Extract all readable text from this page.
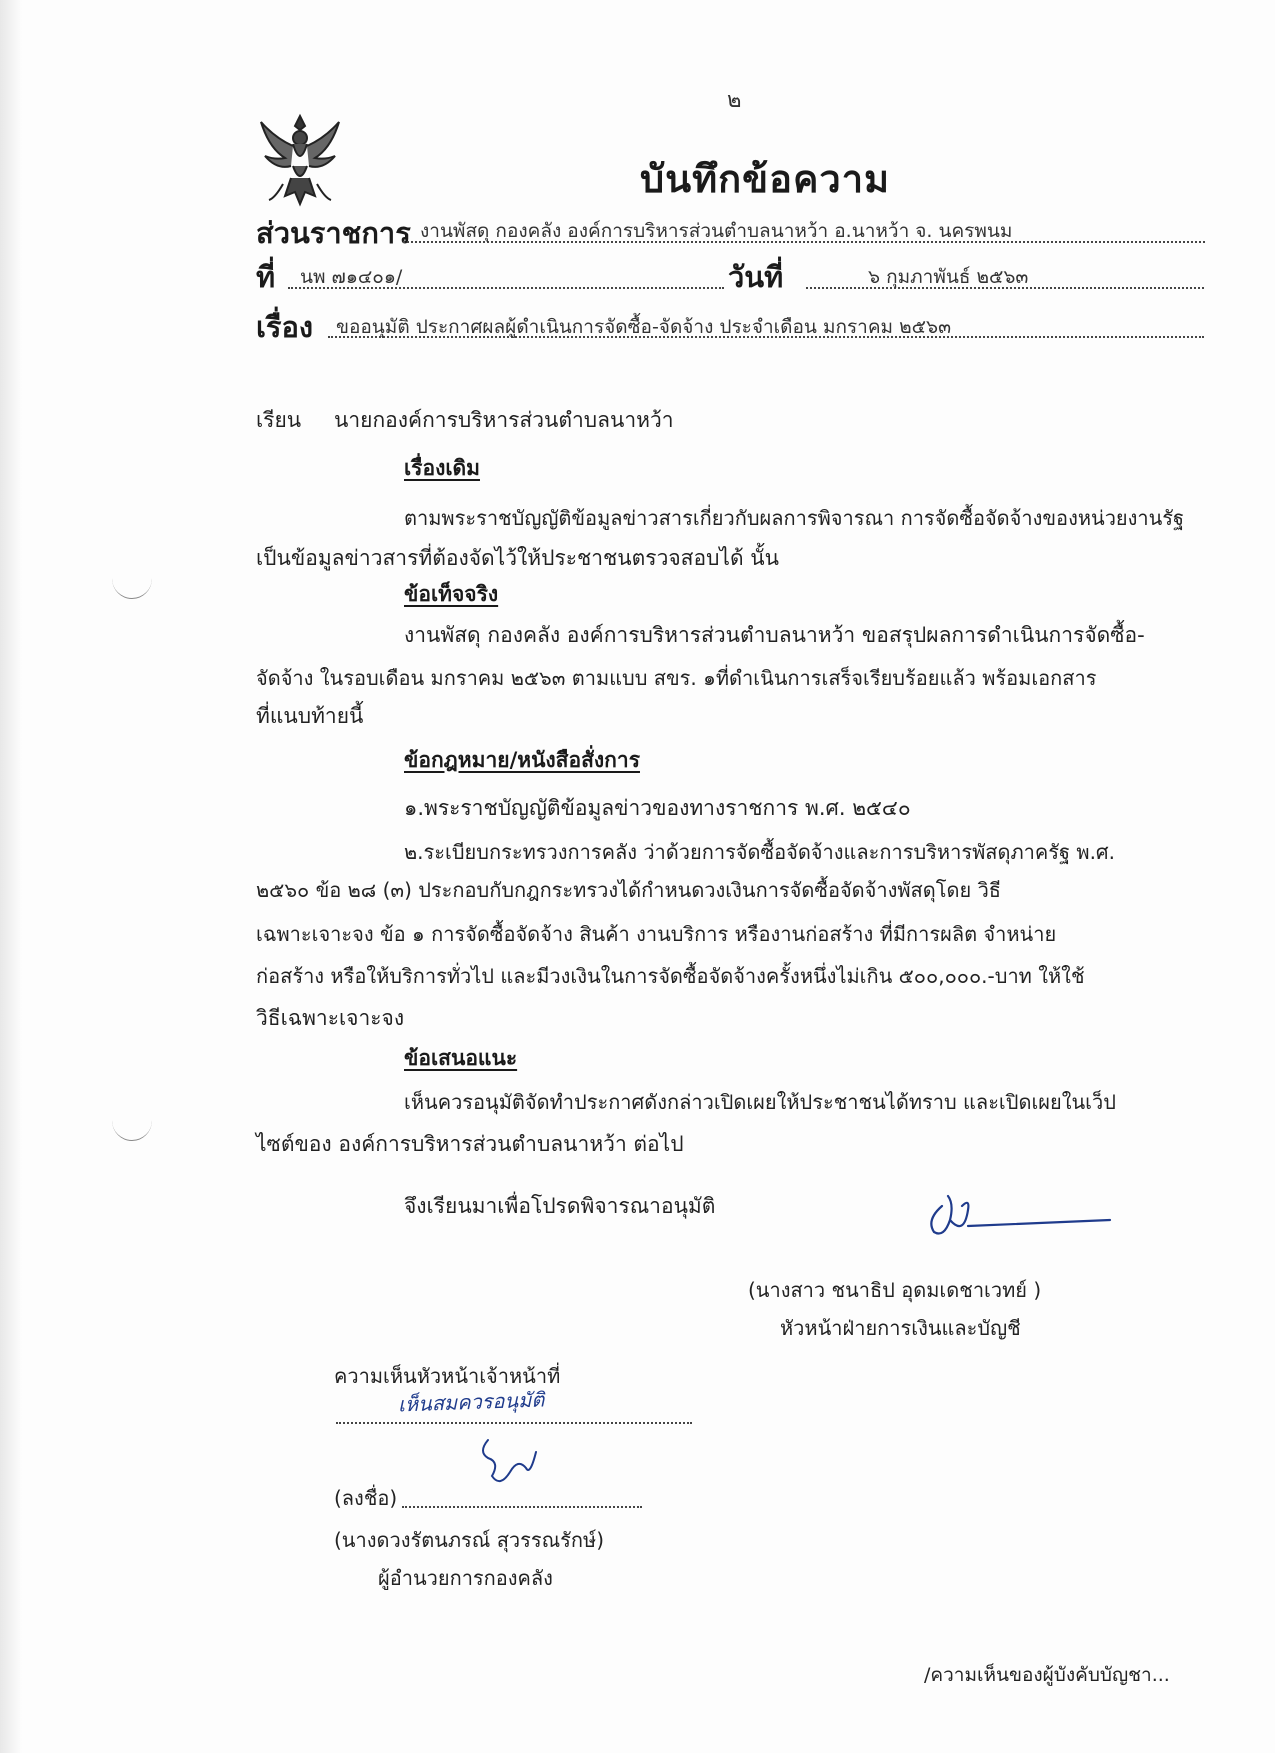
๒
บันทึกข้อความ
ส่วนราชการ งานพัสดุ กองคลัง องค์การบริหารส่วนตำบลนาหว้า อ.นาหว้า จ. นครพนม
ที่ นพ ๗๑๔๐๑/	วันที่	๖ กุมภาพันธ์ ๒๕๖๓
เรื่อง ขออนุมัติ ประกาศผลผู้ดำเนินการจัดซื้อ-จัดจ้าง ประจำเดือน มกราคม ๒๕๖๓
เรียน นายกองค์การบริหารส่วนตำบลนาหว้า
เรื่องเดิม
ตามพระราชบัญญัติข้อมูลข่าวสารเกี่ยวกับผลการพิจารณา การจัดซื้อจัดจ้างของหน่วยงานรัฐ
เป็นข้อมูลข่าวสารที่ต้องจัดไว้ให้ประชาชนตรวจสอบได้ นั้น
ข้อเท็จจริง
งานพัสดุ กองคลัง องค์การบริหารส่วนตำบลนาหว้า ขอสรุปผลการดำเนินการจัดซื้อ-
จัดจ้าง ในรอบเดือน มกราคม ๒๕๖๓ ตามแบบ สขร. ๑ที่ดำเนินการเสร็จเรียบร้อยแล้ว พร้อมเอกสาร
ที่แนบท้ายนี้
ข้อกฎหมาย/หนังสือสั่งการ
๑.พระราชบัญญัติข้อมูลข่าวของทางราชการ พ.ศ. ๒๕๔๐
๒.ระเบียบกระทรวงการคลัง ว่าด้วยการจัดซื้อจัดจ้างและการบริหารพัสดุภาครัฐ พ.ศ.
๒๕๖๐ ข้อ ๒๘ (๓) ประกอบกับกฎกระทรวงได้กำหนดวงเงินการจัดซื้อจัดจ้างพัสดุโดย วิธี
เฉพาะเจาะจง ข้อ ๑ การจัดซื้อจัดจ้าง สินค้า งานบริการ หรืองานก่อสร้าง ที่มีการผลิต จำหน่าย
ก่อสร้าง หรือให้บริการทั่วไป และมีวงเงินในการจัดซื้อจัดจ้างครั้งหนึ่งไม่เกิน ๕๐๐,๐๐๐.-บาท ให้ใช้
วิธีเฉพาะเจาะจง
ข้อเสนอแนะ
เห็นควรอนุมัติจัดทำประกาศดังกล่าวเปิดเผยให้ประชาชนได้ทราบ และเปิดเผยในเว็ป
ไซต์ของ องค์การบริหารส่วนตำบลนาหว้า ต่อไป
จึงเรียนมาเพื่อโปรดพิจารณาอนุมัติ
(นางสาว ชนาธิป อุดมเดชาเวทย์ )
หัวหน้าฝ่ายการเงินและบัญชี
ความเห็นหัวหน้าเจ้าหน้าที่
เห็นสมควรอนุมัติ
(ลงชื่อ)
(นางดวงรัตนภรณ์ สุวรรณรักษ์)
ผู้อำนวยการกองคลัง
/ความเห็นของผู้บังคับบัญชา...
